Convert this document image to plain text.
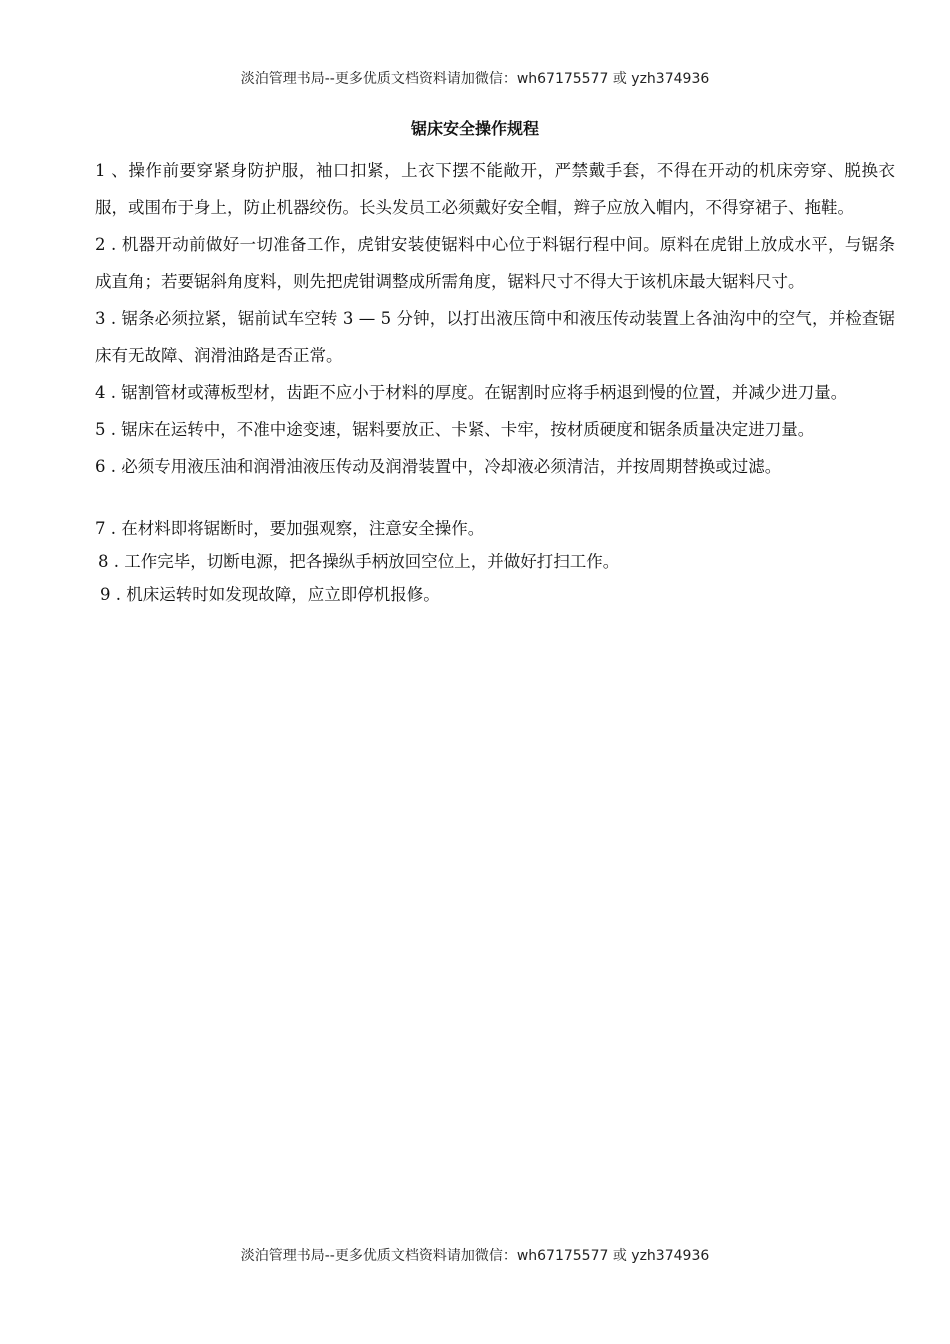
淡泊管理书局--更多优质文档资料请加微信：wh67175577 或 yzh374936
锯床安全操作规程

1 、操作前要穿紧身防护服，袖口扣紧，上衣下摆不能敞开，严禁戴手套，不得在开动的机床旁穿、脱换衣服，或围布于身上，防止机器绞伤。长头发员工必须戴好安全帽，辫子应放入帽内，不得穿裙子、拖鞋。

2 . 机器开动前做好一切准备工作，虎钳安装使锯料中心位于料锯行程中间。原料在虎钳上放成水平，与锯条成直角；若要锯斜角度料，则先把虎钳调整成所需角度，锯料尺寸不得大于该机床最大锯料尺寸。

3 . 锯条必须拉紧，锯前试车空转 3 — 5 分钟，以打出液压筒中和液压传动装置上各油沟中的空气，并检查锯床有无故障、润滑油路是否正常。

4 . 锯割管材或薄板型材，齿距不应小于材料的厚度。在锯割时应将手柄退到慢的位置，并减少进刀量。

5 . 锯床在运转中，不准中途变速，锯料要放正、卡紧、卡牢，按材质硬度和锯条质量决定进刀量。

6 . 必须专用液压油和润滑油液压传动及润滑装置中，冷却液必须清洁，并按周期替换或过滤。

7 . 在材料即将锯断时，要加强观察，注意安全操作。

8 . 工作完毕，切断电源，把各操纵手柄放回空位上，并做好打扫工作。

9 . 机床运转时如发现故障，应立即停机报修。

淡泊管理书局--更多优质文档资料请加微信：wh67175577 或 yzh374936
